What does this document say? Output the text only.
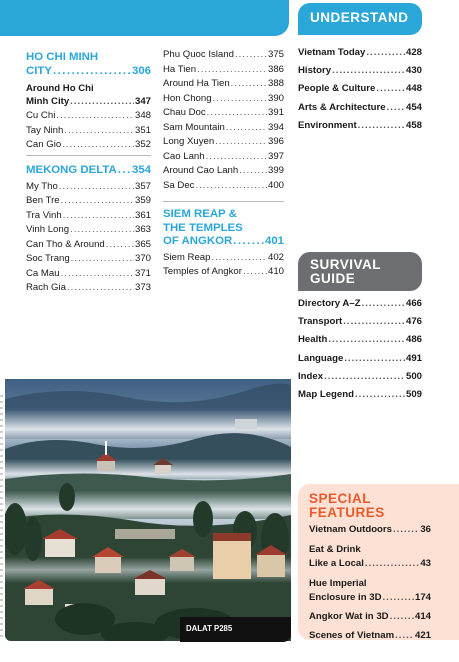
HO CHI MINH
CITY .....	306
Around Ho Chi
Minh City .....	347
Cu Chi .....	348
Tay Ninh .....	351
Can Gio .....	352
MEKONG DELTA ..... 354
My Tho .....	357
Ben Tre .....	359
Tra Vinh .....	361
Vinh Long .....	363
Can Tho & Around .....	365
Soc Trang .....	370
Ca Mau .....	371
Rach Gia .....	373
Phu Quoc Island .....	375
Ha Tien .....	386
Around Ha Tien .....	388
Hon Chong .....	390
Chau Doc .....	391
Sam Mountain .....	394
Long Xuyen .....	396
Cao Lanh .....	397
Around Cao Lanh .....	399
Sa Dec .....	400
SIEM REAP &
THE TEMPLES
OF ANGKOR .....	401
Siem Reap .....	402
Temples of Angkor .....	410
UNDERSTAND
Vietnam Today .....	428
History .....	430
People & Culture .....	448
Arts & Architecture ..... 454
Environment .....	458
SURVIVAL
GUIDE
Directory A–Z .....	466
Transport .....	476
Health .....	486
Language .....	491
Index .....	500
Map Legend .....	509
SPECIAL
FEATURES
Vietnam Outdoors .....	36
Eat & Drink
Like a Local .....	43
Hue Imperial
Enclosure in 3D .....	174
Angkor Wat in 3D .....	414
Scenes of Vietnam ..... 421
DALAT P285
